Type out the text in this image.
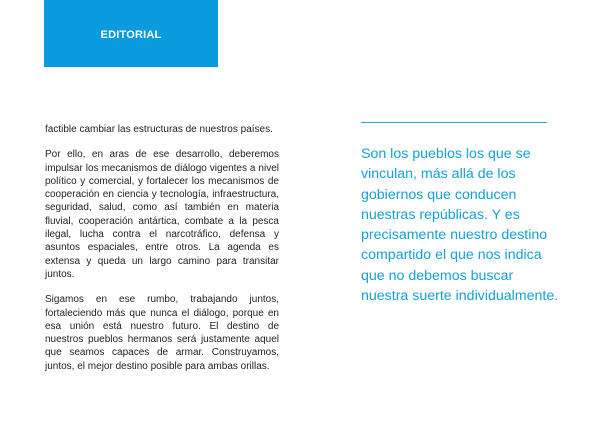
EDITORIAL

factible cambiar las estructuras de nuestros países.

Por ello, en aras de ese desarrollo, deberemos impulsar los mecanismos de diálogo vigentes a nivel político y comercial, y fortalecer los mecanismos de cooperación en ciencia y tecnología, infraestructura, seguridad, salud, como así también en materia fluvial, cooperación antártica, combate a la pesca ilegal, lucha contra el narcotráfico, defensa y asuntos espaciales, entre otros. La agenda es extensa y queda un largo camino para transitar juntos.

Sigamos en ese rumbo, trabajando juntos, fortaleciendo más que nunca el diálogo, porque en esa unión está nuestro futuro. El destino de nuestros pueblos hermanos será justamente aquel que seamos capaces de armar. Construyamos, juntos, el mejor destino posible para ambas orillas.

Son los pueblos los que se vinculan, más allá de los gobiernos que conducen nuestras repúblicas. Y es precisamente nuestro destino compartido el que nos indica que no debemos buscar nuestra suerte individualmente.
